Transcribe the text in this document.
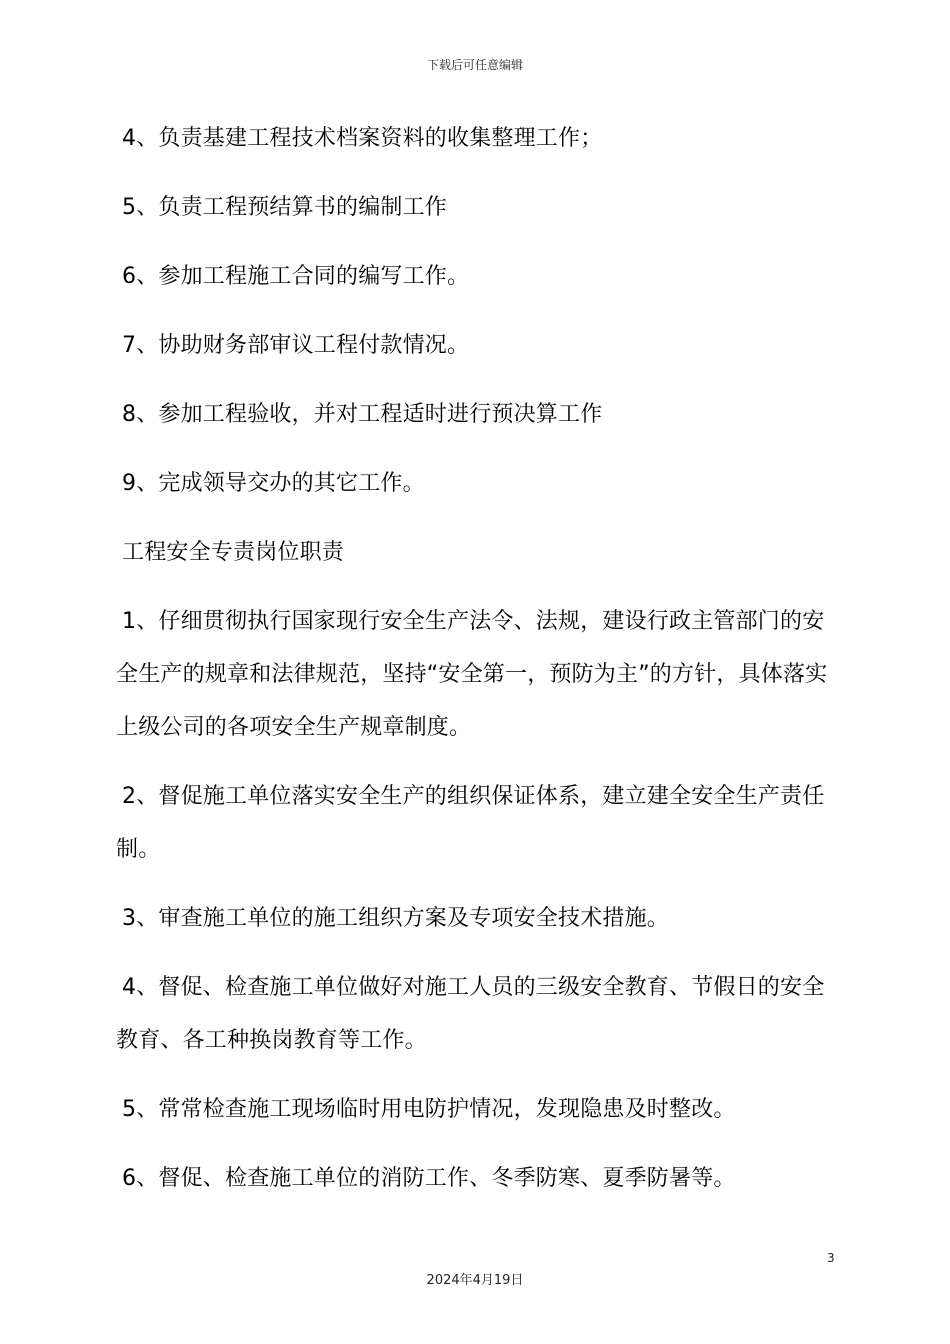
下载后可任意编辑

4、负责基建工程技术档案资料的收集整理工作；

5、负责工程预结算书的编制工作

6、参加工程施工合同的编写工作。

7、协助财务部审议工程付款情况。

8、参加工程验收，并对工程适时进行预决算工作

9、完成领导交办的其它工作。

工程安全专责岗位职责

1、仔细贯彻执行国家现行安全生产法令、法规，建设行政主管部门的安全生产的规章和法律规范，坚持“安全第一，预防为主”的方针，具体落实上级公司的各项安全生产规章制度。

2、督促施工单位落实安全生产的组织保证体系，建立建全安全生产责任制。

3、审查施工单位的施工组织方案及专项安全技术措施。

4、督促、检查施工单位做好对施工人员的三级安全教育、节假日的安全教育、各工种换岗教育等工作。

5、常常检查施工现场临时用电防护情况，发现隐患及时整改。

6、督促、检查施工单位的消防工作、冬季防寒、夏季防暑等。

3
2024年4月19日
